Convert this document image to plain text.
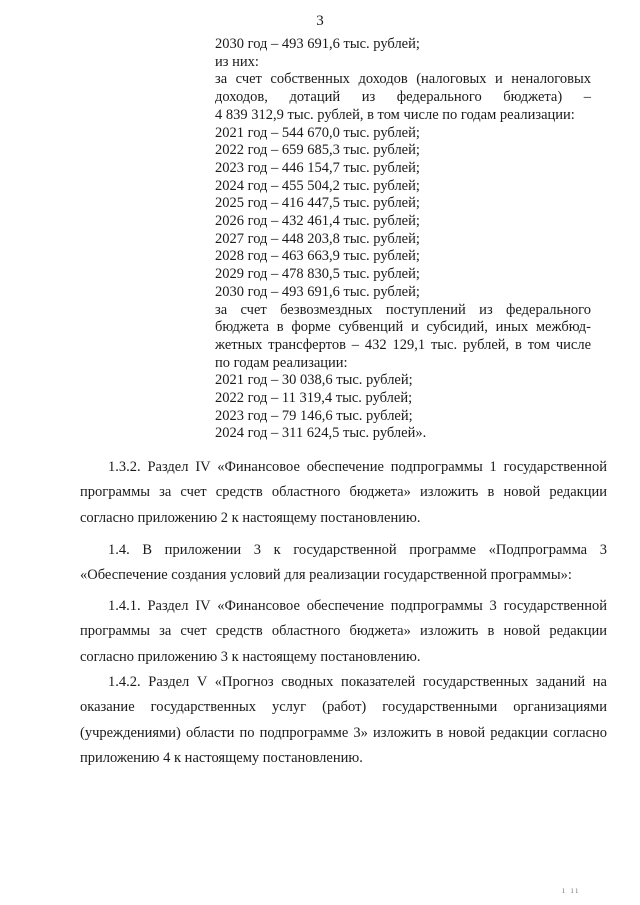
3
2030 год – 493 691,6 тыс. рублей;
из них:
за счет собственных доходов (налоговых и неналоговых
доходов, дотаций из федерального бюджета) –
4 839 312,9 тыс. рублей, в том числе по годам реализации:
2021 год – 544 670,0 тыс. рублей;
2022 год – 659 685,3 тыс. рублей;
2023 год – 446 154,7 тыс. рублей;
2024 год – 455 504,2 тыс. рублей;
2025 год – 416 447,5 тыс. рублей;
2026 год – 432 461,4 тыс. рублей;
2027 год – 448 203,8 тыс. рублей;
2028 год – 463 663,9 тыс. рублей;
2029 год – 478 830,5 тыс. рублей;
2030 год – 493 691,6 тыс. рублей;
за счет безвозмездных поступлений из федерального
бюджета в форме субвенций и субсидий, иных межбюд-
жетных трансфертов – 432 129,1 тыс. рублей, в том числе
по годам реализации:
2021 год – 30 038,6 тыс. рублей;
2022 год – 11 319,4 тыс. рублей;
2023 год – 79 146,6 тыс. рублей;
2024 год – 311 624,5 тыс. рублей».
1.3.2. Раздел IV «Финансовое обеспечение подпрограммы 1 государственной программы за счет средств областного бюджета» изложить в новой редакции согласно приложению 2 к настоящему постановлению.
1.4. В приложении 3 к государственной программе «Подпрограмма 3 «Обеспечение создания условий для реализации государственной программы»:
1.4.1. Раздел IV «Финансовое обеспечение подпрограммы 3 государственной программы за счет средств областного бюджета» изложить в новой редакции согласно приложению 3 к настоящему постановлению.
1.4.2. Раздел V «Прогноз сводных показателей государственных заданий на оказание государственных услуг (работ) государственными организациями (учреждениями) области по подпрограмме 3» изложить в новой редакции согласно приложению 4 к настоящему постановлению.
ı ıı
